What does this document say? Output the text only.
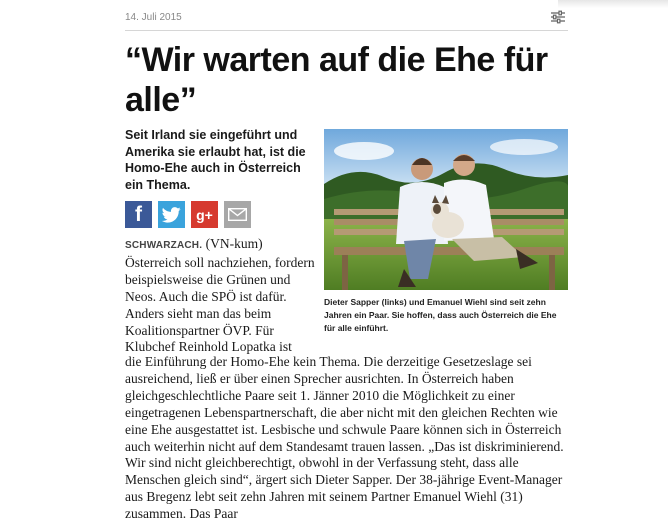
14. Juli 2015
“Wir warten auf die Ehe für alle”

Seit Irland sie eingeführt und Amerika sie erlaubt hat, ist die Homo-Ehe auch in Österreich ein Thema.

f	g+
Dieter Sapper (links) und Emanuel Wiehl sind seit zehn Jahren ein Paar. Sie hoffen, dass auch Österreich die Ehe für alle einführt.
SCHWARZACH. (VN-kum) Österreich soll nachziehen, fordern beispielsweise die Grünen und Neos. Auch die SPÖ ist dafür. Anders sieht man das beim Koalitionspartner ÖVP. Für Klubchef Reinhold Lopatka ist

die Einführung der Homo-Ehe kein Thema. Die derzeitige Gesetzeslage sei ausreichend, ließ er über einen Sprecher ausrichten. In Österreich haben gleichgeschlechtliche Paare seit 1. Jänner 2010 die Möglichkeit zu einer eingetragenen Lebenspartnerschaft, die aber nicht mit den gleichen Rechten wie eine Ehe ausgestattet ist. Lesbische und schwule Paare können sich in Österreich auch weiterhin nicht auf dem Standesamt trauen lassen. „Das ist diskriminierend. Wir sind nicht gleichberechtigt, obwohl in der Verfassung steht, dass alle Menschen gleich sind“, ärgert sich Dieter Sapper. Der 38-jährige Event-Manager aus Bregenz lebt seit zehn Jahren mit seinem Partner Emanuel Wiehl (31) zusammen. Das Paar
